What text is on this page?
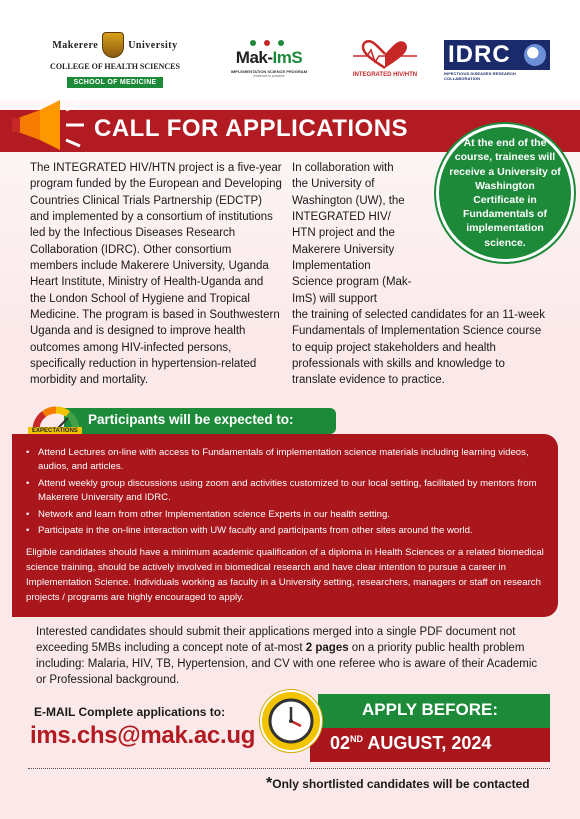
Makerere	University
COLLEGE OF HEALTH SCIENCES
SCHOOL OF MEDICINE
Mak-ImS
IMPLEMENTATION SCIENCE PROGRAM
evidence to practice	INTEGRATED HIV/HTN
IDRC
INFECTIOUS DISEASES RESEARCH COLLABORATION
CALL FOR APPLICATIONS
At the end of the course, trainees will receive a University of Washington Certificate in Fundamentals of implementation science.
The INTEGRATED HIV/HTN project is a five-year program funded by the European and Developing Countries Clinical Trials Partnership (EDCTP) and implemented by a consortium of institutions led by the Infectious Diseases Research Collaboration (IDRC). Other consortium members include Makerere University, Uganda Heart Institute, Ministry of Health-Uganda and the London School of Hygiene and Tropical Medicine. The program is based in Southwestern Uganda and is designed to improve health outcomes among HIV-infected persons, specifically reduction in hypertension-related morbidity and mortality.
In collaboration with the University of Washington (UW), the INTEGRATED HIV/ HTN project and the Makerere University Implementation Science program (Mak-ImS) will support
the training of selected candidates for an 11-week Fundamentals of Implementation Science course to equip project stakeholders and health professionals with skills and knowledge to translate evidence to practice.
Participants will be expected to:
EXPECTATIONS
• Attend Lectures on-line with access to Fundamentals of implementation science materials including learning videos, audios, and articles.
• Attend weekly group discussions using zoom and activities customized to our local setting, facilitated by mentors from Makerere University and IDRC.
• Network and learn from other Implementation science Experts in our health setting.
• Participate in the on-line interaction with UW faculty and participants from other sites around the world.
Eligible candidates should have a minimum academic qualification of a diploma in Health Sciences or a related biomedical science training, should be actively involved in biomedical research and have clear intention to pursue a career in Implementation Science. Individuals working as faculty in a University setting, researchers, managers or staff on research projects / programs are highly encouraged to apply.
Interested candidates should submit their applications merged into a single PDF document not exceeding 5MBs including a concept note of at-most 2 pages on a priority public health problem including: Malaria, HIV, TB, Hypertension, and CV with one referee who is aware of their Academic or Professional background.
E-MAIL Complete applications to:
ims.chs@mak.ac.ug
APPLY BEFORE:
02ND AUGUST, 2024
*Only shortlisted candidates will be contacted
